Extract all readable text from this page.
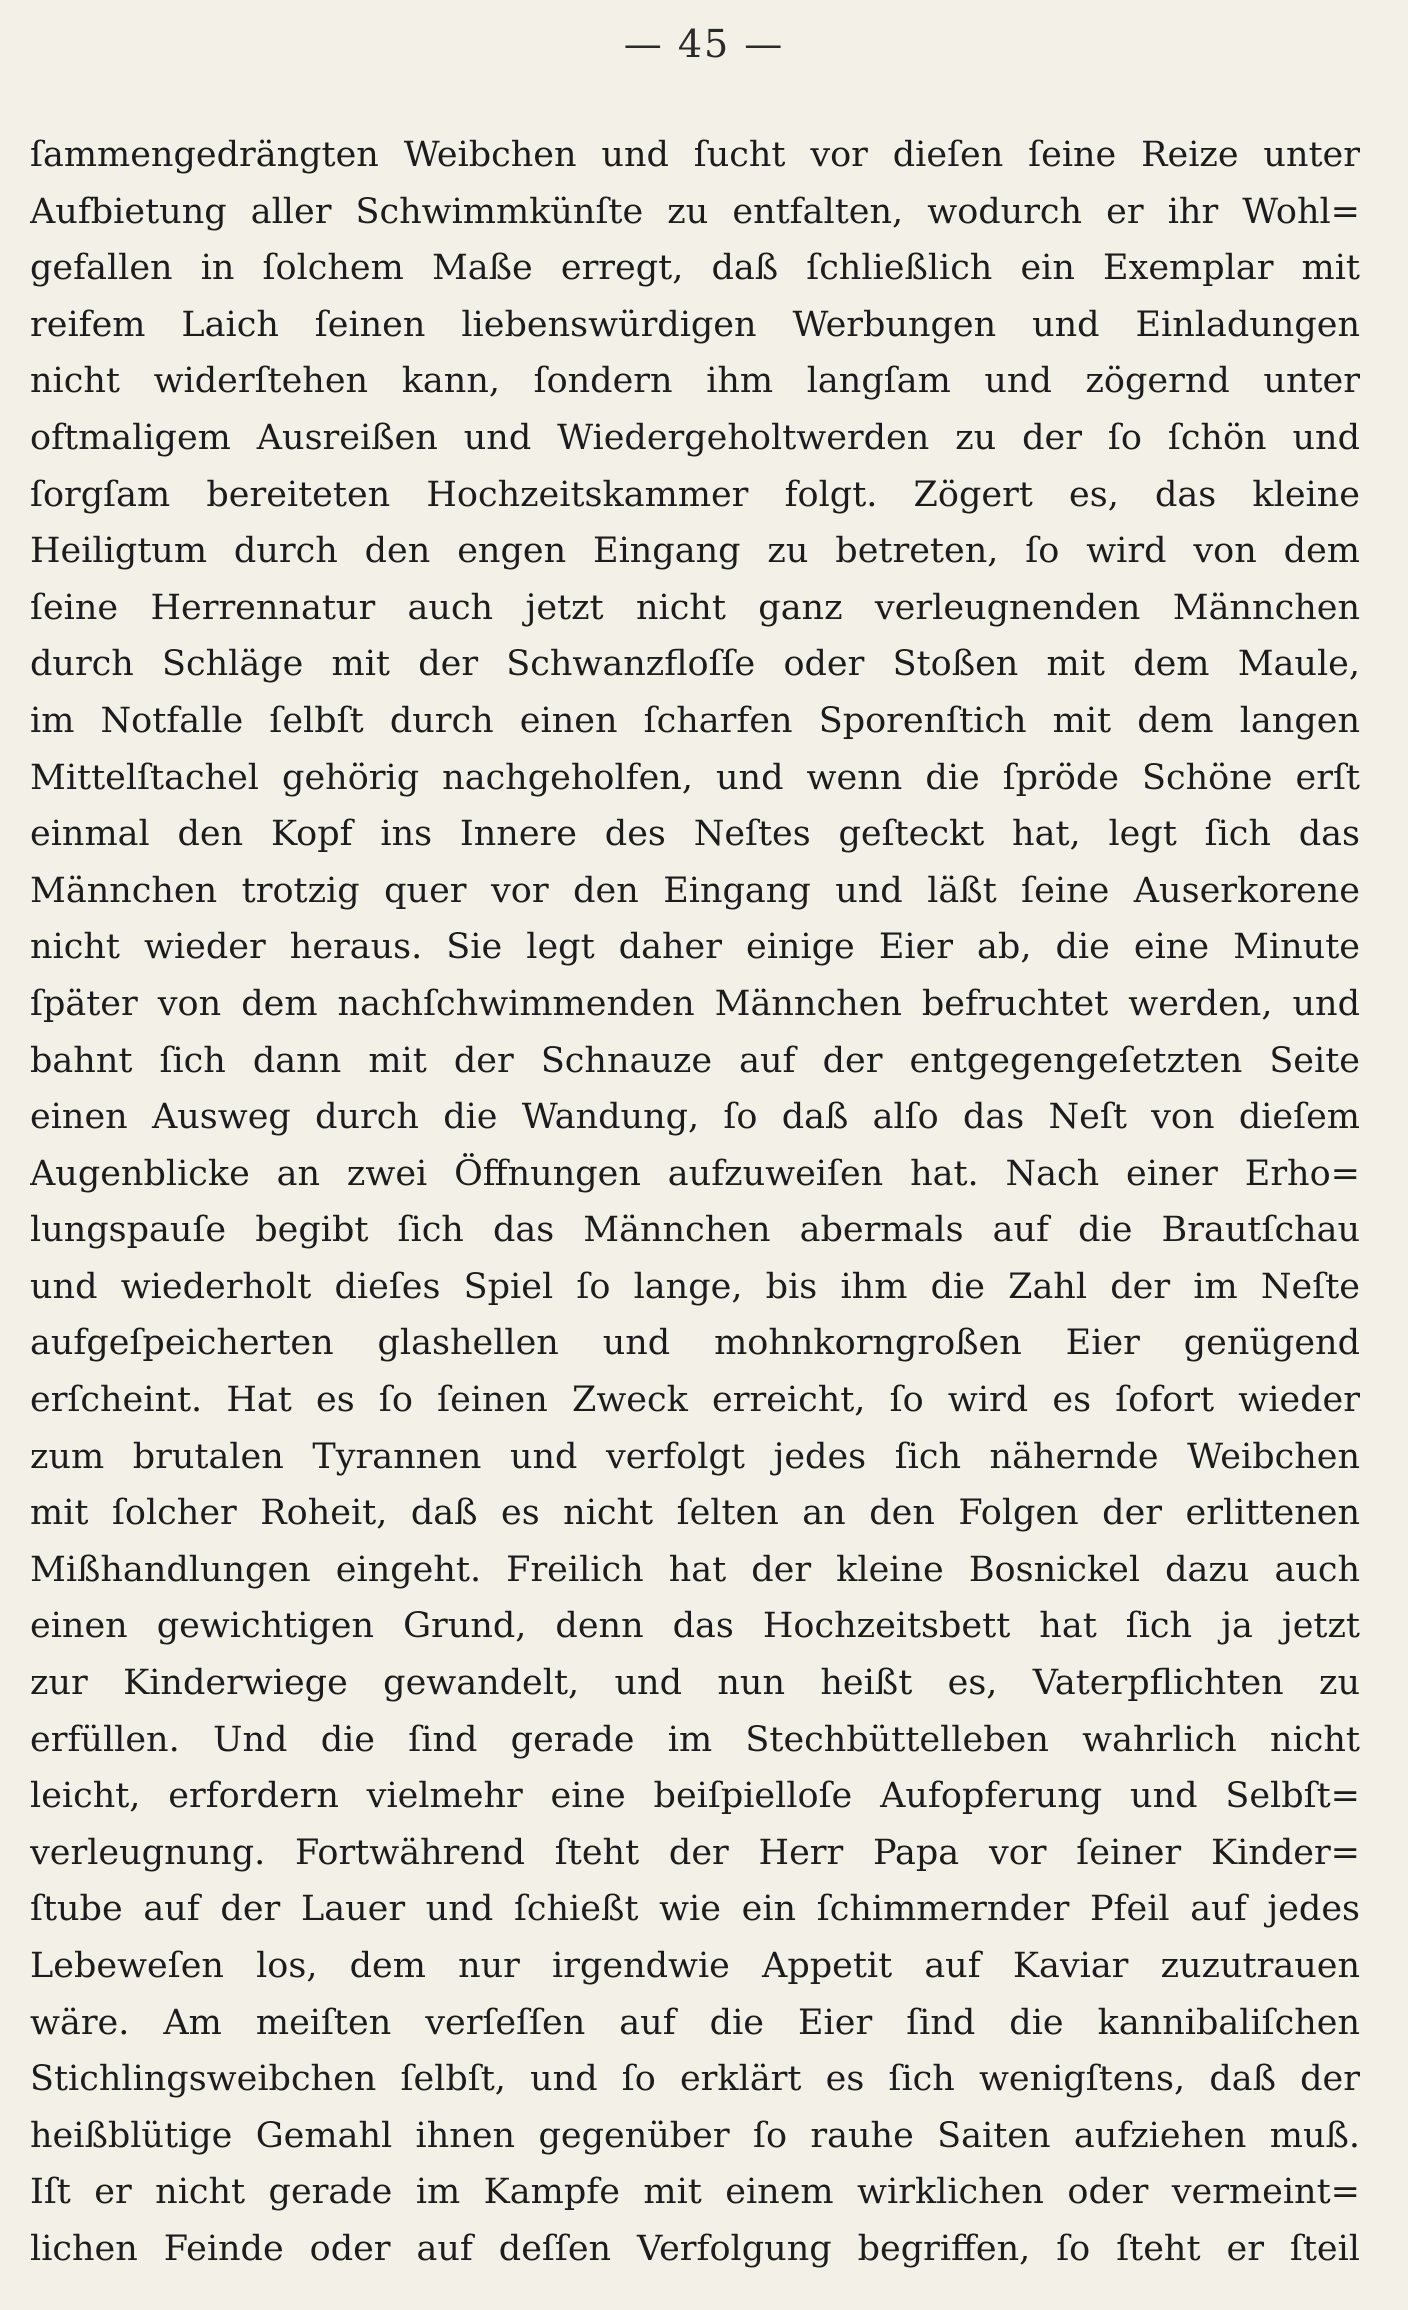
— 45 —
ſammengedrängten Weibchen und ſucht vor dieſen ſeine Reize unter
Aufbietung aller Schwimmkünſte zu entfalten, wodurch er ihr Wohl=
gefallen in ſolchem Maße erregt, daß ſchließlich ein Exemplar mit
reifem Laich ſeinen liebenswürdigen Werbungen und Einladungen
nicht widerſtehen kann, ſondern ihm langſam und zögernd unter
oftmaligem Ausreißen und Wiedergeholtwerden zu der ſo ſchön und
ſorgſam bereiteten Hochzeitskammer folgt. Zögert es, das kleine
Heiligtum durch den engen Eingang zu betreten, ſo wird von dem
ſeine Herrennatur auch jetzt nicht ganz verleugnenden Männchen
durch Schläge mit der Schwanzfloſſe oder Stoßen mit dem Maule,
im Notfalle ſelbſt durch einen ſcharfen Sporenſtich mit dem langen
Mittelſtachel gehörig nachgeholfen, und wenn die ſpröde Schöne erſt
einmal den Kopf ins Innere des Neſtes geſteckt hat, legt ſich das
Männchen trotzig quer vor den Eingang und läßt ſeine Auserkorene
nicht wieder heraus. Sie legt daher einige Eier ab, die eine Minute
ſpäter von dem nachſchwimmenden Männchen befruchtet werden, und
bahnt ſich dann mit der Schnauze auf der entgegengeſetzten Seite
einen Ausweg durch die Wandung, ſo daß alſo das Neſt von dieſem
Augenblicke an zwei Öffnungen aufzuweiſen hat. Nach einer Erho=
lungspauſe begibt ſich das Männchen abermals auf die Brautſchau
und wiederholt dieſes Spiel ſo lange, bis ihm die Zahl der im Neſte
aufgeſpeicherten glashellen und mohnkorngroßen Eier genügend
erſcheint. Hat es ſo ſeinen Zweck erreicht, ſo wird es ſofort wieder
zum brutalen Tyrannen und verfolgt jedes ſich nähernde Weibchen
mit ſolcher Roheit, daß es nicht ſelten an den Folgen der erlittenen
Mißhandlungen eingeht. Freilich hat der kleine Bosnickel dazu auch
einen gewichtigen Grund, denn das Hochzeitsbett hat ſich ja jetzt
zur Kinderwiege gewandelt, und nun heißt es, Vaterpflichten zu
erfüllen. Und die ſind gerade im Stechbüttelleben wahrlich nicht
leicht, erfordern vielmehr eine beiſpielloſe Aufopferung und Selbſt=
verleugnung. Fortwährend ſteht der Herr Papa vor ſeiner Kinder=
ſtube auf der Lauer und ſchießt wie ein ſchimmernder Pfeil auf jedes
Lebeweſen los, dem nur irgendwie Appetit auf Kaviar zuzutrauen
wäre. Am meiſten verſeſſen auf die Eier ſind die kannibaliſchen
Stichlingsweibchen ſelbſt, und ſo erklärt es ſich wenigſtens, daß der
heißblütige Gemahl ihnen gegenüber ſo rauhe Saiten aufziehen muß.
Iſt er nicht gerade im Kampfe mit einem wirklichen oder vermeint=
lichen Feinde oder auf deſſen Verfolgung begriffen, ſo ſteht er ſteil
